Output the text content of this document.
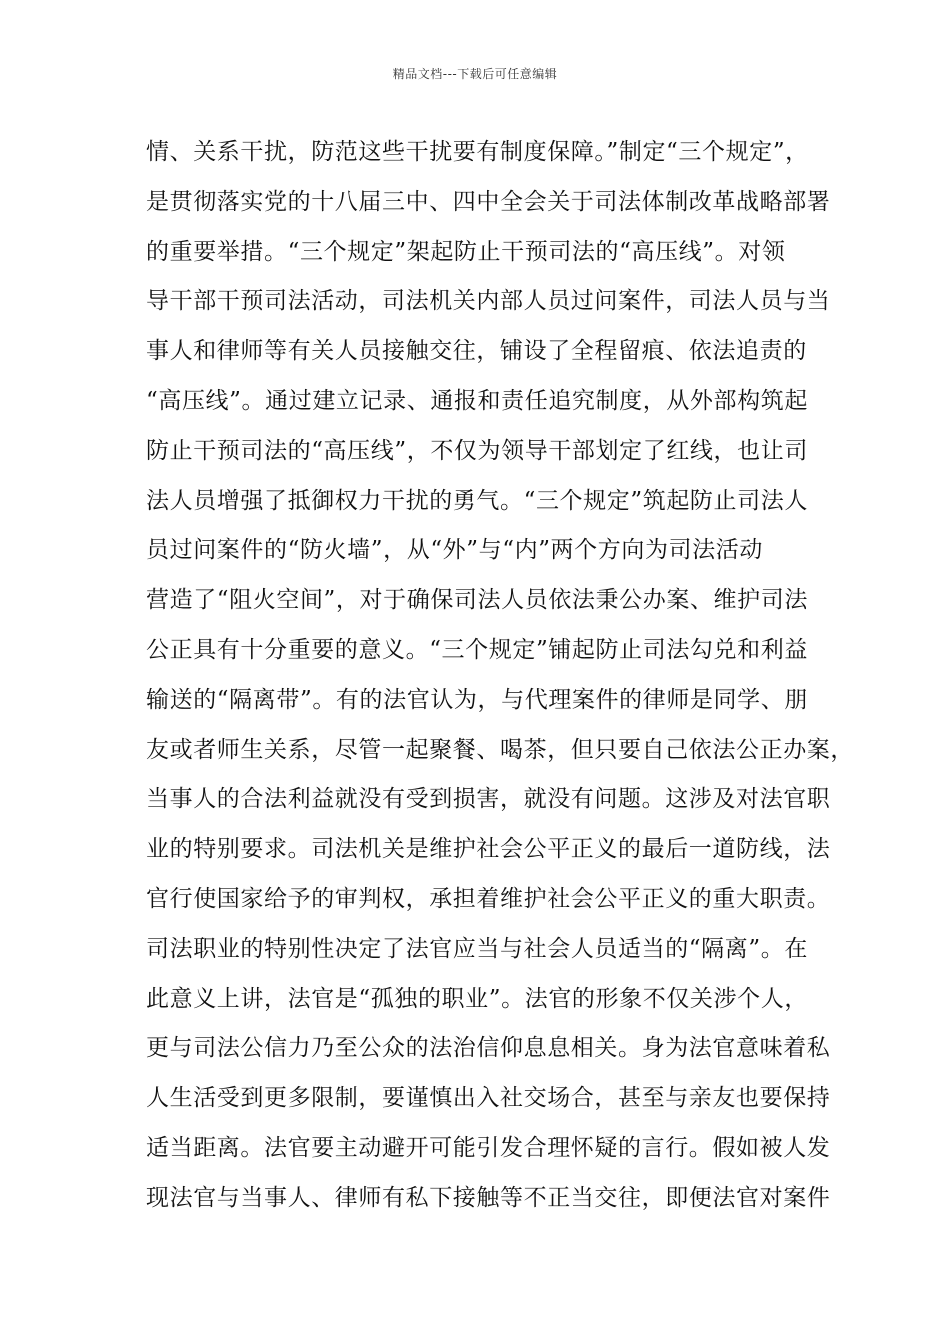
精品文档---下载后可任意编辑
情、关系干扰，防范这些干扰要有制度保障。”制定“三个规定”，
是贯彻落实党的十八届三中、四中全会关于司法体制改革战略部署
的重要举措。“三个规定”架起防止干预司法的“高压线”。对领
导干部干预司法活动，司法机关内部人员过问案件，司法人员与当
事人和律师等有关人员接触交往，铺设了全程留痕、依法追责的
“高压线”。通过建立记录、通报和责任追究制度，从外部构筑起
防止干预司法的“高压线”，不仅为领导干部划定了红线，也让司
法人员增强了抵御权力干扰的勇气。“三个规定”筑起防止司法人
员过问案件的“防火墙”，从“外”与“内”两个方向为司法活动
营造了“阻火空间”，对于确保司法人员依法秉公办案、维护司法
公正具有十分重要的意义。“三个规定”铺起防止司法勾兑和利益
输送的“隔离带”。有的法官认为，与代理案件的律师是同学、朋
友或者师生关系，尽管一起聚餐、喝茶，但只要自己依法公正办案，
当事人的合法利益就没有受到损害，就没有问题。这涉及对法官职
业的特别要求。司法机关是维护社会公平正义的最后一道防线，法
官行使国家给予的审判权，承担着维护社会公平正义的重大职责。
司法职业的特别性决定了法官应当与社会人员适当的“隔离”。在
此意义上讲，法官是“孤独的职业”。法官的形象不仅关涉个人，
更与司法公信力乃至公众的法治信仰息息相关。身为法官意味着私
人生活受到更多限制，要谨慎出入社交场合，甚至与亲友也要保持
适当距离。法官要主动避开可能引发合理怀疑的言行。假如被人发
现法官与当事人、律师有私下接触等不正当交往，即便法官对案件
